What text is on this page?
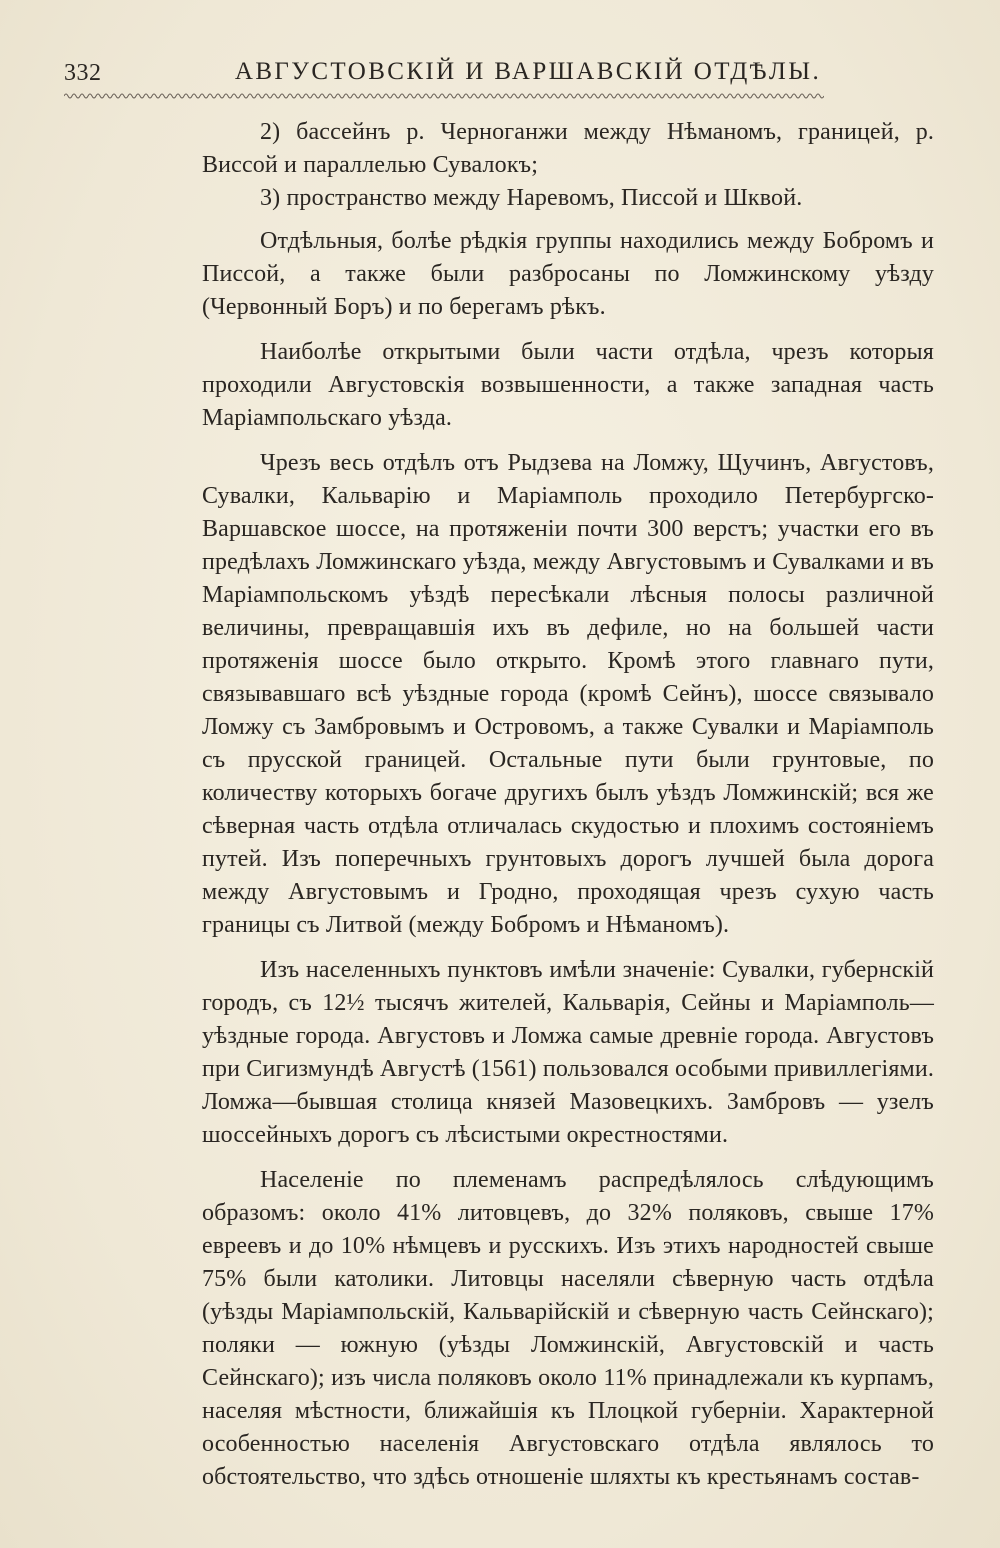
332	АВГУСТОВСКІЙ И ВАРШАВСКІЙ ОТДѢЛЫ.

2) бассейнъ р. Черноганжи между Нѣманомъ, границей, р. Виссой и параллелью Сувалокъ;

3) пространство между Наревомъ, Писсой и Шквой.

Отдѣльныя, болѣе рѣдкія группы находились между Бобромъ и Писсой, а также были разбросаны по Ломжинскому уѣзду (Червонный Боръ) и по берегамъ рѣкъ.

Наиболѣе открытыми были части отдѣла, чрезъ которыя проходили Августовскія возвышенности, а также западная часть Маріампольскаго уѣзда.

Чрезъ весь отдѣлъ отъ Рыдзева на Ломжу, Щучинъ, Августовъ, Сувалки, Кальварію и Маріамполь проходило Петербургско-Варшавское шоссе, на протяженіи почти 300 верстъ; участки его въ предѣлахъ Ломжинскаго уѣзда, между Августовымъ и Сувалками и въ Маріампольскомъ уѣздѣ пересѣкали лѣсныя полосы различной величины, превращавшія ихъ въ дефиле, но на большей части протяженія шоссе было открыто. Кромѣ этого главнаго пути, связывавшаго всѣ уѣздные города (кромѣ Сейнъ), шоссе связывало Ломжу съ Замбровымъ и Островомъ, а также Сувалки и Маріамполь съ прусской границей. Остальные пути были грунтовые, по количеству которыхъ богаче другихъ былъ уѣздъ Ломжинскій; вся же сѣверная часть отдѣла отличалась скудостью и плохимъ состояніемъ путей. Изъ поперечныхъ грунтовыхъ дорогъ лучшей была дорога между Августовымъ и Гродно, проходящая чрезъ сухую часть границы съ Литвой (между Бобромъ и Нѣманомъ).

Изъ населенныхъ пунктовъ имѣли значеніе: Сувалки, губернскій городъ, съ 12½ тысячъ жителей, Кальварія, Сейны и Маріамполь—уѣздные города. Августовъ и Ломжа самые древніе города. Августовъ при Сигизмундѣ Августѣ (1561) пользовался особыми привиллегіями. Ломжа—бывшая столица князей Мазовецкихъ. Замбровъ — узелъ шоссейныхъ дорогъ съ лѣсистыми окрестностями.

Населеніе по племенамъ распредѣлялось слѣдующимъ образомъ: около 41% литовцевъ, до 32% поляковъ, свыше 17% евреевъ и до 10% нѣмцевъ и русскихъ. Изъ этихъ народностей свыше 75% были католики. Литовцы населяли сѣверную часть отдѣла (уѣзды Маріампольскій, Кальварійскій и сѣверную часть Сейнскаго); поляки — южную (уѣзды Ломжинскій, Августовскій и часть Сейнскаго); изъ числа поляковъ около 11% принадлежали къ курпамъ, населяя мѣстности, ближайшія къ Плоцкой губерніи. Характерной особенностью населенія Августовскаго отдѣла являлось то обстоятельство, что здѣсь отношеніе шляхты къ крестьянамъ состав-
